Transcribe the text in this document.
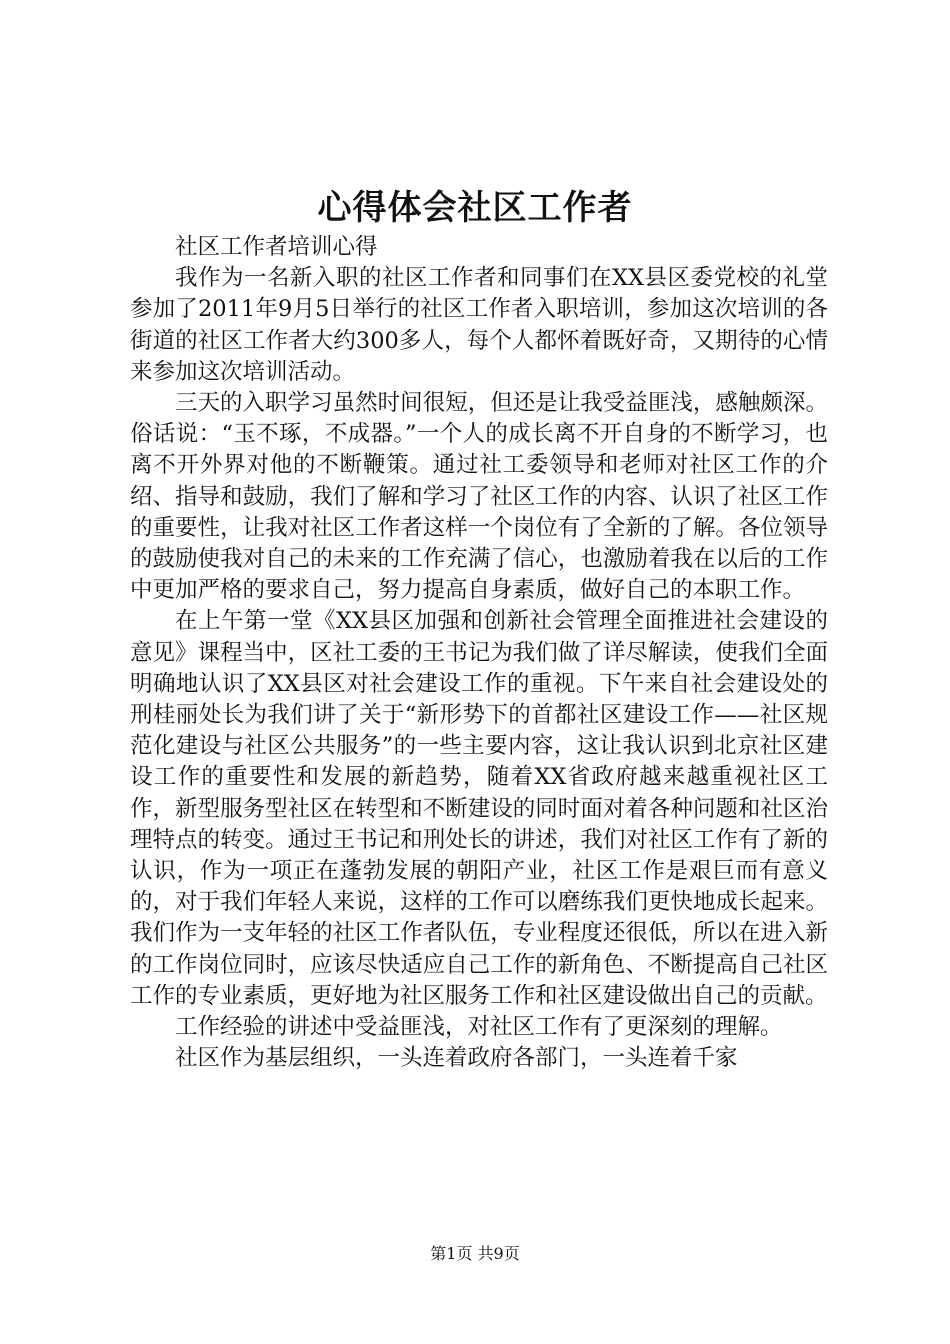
心得体会社区工作者

社区工作者培训心得

我作为一名新入职的社区工作者和同事们在XX县区委党校的礼堂参加了2011年9月5日举行的社区工作者入职培训，参加这次培训的各街道的社区工作者大约300多人，每个人都怀着既好奇，又期待的心情来参加这次培训活动。

三天的入职学习虽然时间很短，但还是让我受益匪浅，感触颇深。俗话说：“玉不琢，不成器。”一个人的成长离不开自身的不断学习，也离不开外界对他的不断鞭策。通过社工委领导和老师对社区工作的介绍、指导和鼓励，我们了解和学习了社区工作的内容、认识了社区工作的重要性，让我对社区工作者这样一个岗位有了全新的了解。各位领导的鼓励使我对自己的未来的工作充满了信心，也激励着我在以后的工作中更加严格的要求自己，努力提高自身素质，做好自己的本职工作。

在上午第一堂《XX县区加强和创新社会管理全面推进社会建设的意见》课程当中，区社工委的王书记为我们做了详尽解读，使我们全面明确地认识了XX县区对社会建设工作的重视。下午来自社会建设处的刑桂丽处长为我们讲了关于“新形势下的首都社区建设工作——社区规范化建设与社区公共服务”的一些主要内容，这让我认识到北京社区建设工作的重要性和发展的新趋势，随着XX省政府越来越重视社区工作，新型服务型社区在转型和不断建设的同时面对着各种问题和社区治理特点的转变。通过王书记和刑处长的讲述，我们对社区工作有了新的认识，作为一项正在蓬勃发展的朝阳产业，社区工作是艰巨而有意义的，对于我们年轻人来说，这样的工作可以磨练我们更快地成长起来。我们作为一支年轻的社区工作者队伍，专业程度还很低，所以在进入新的工作岗位同时，应该尽快适应自己工作的新角色、不断提高自己社区工作的专业素质，更好地为社区服务工作和社区建设做出自己的贡献。

工作经验的讲述中受益匪浅，对社区工作有了更深刻的理解。

社区作为基层组织，一头连着政府各部门，一头连着千家

第1页 共9页
